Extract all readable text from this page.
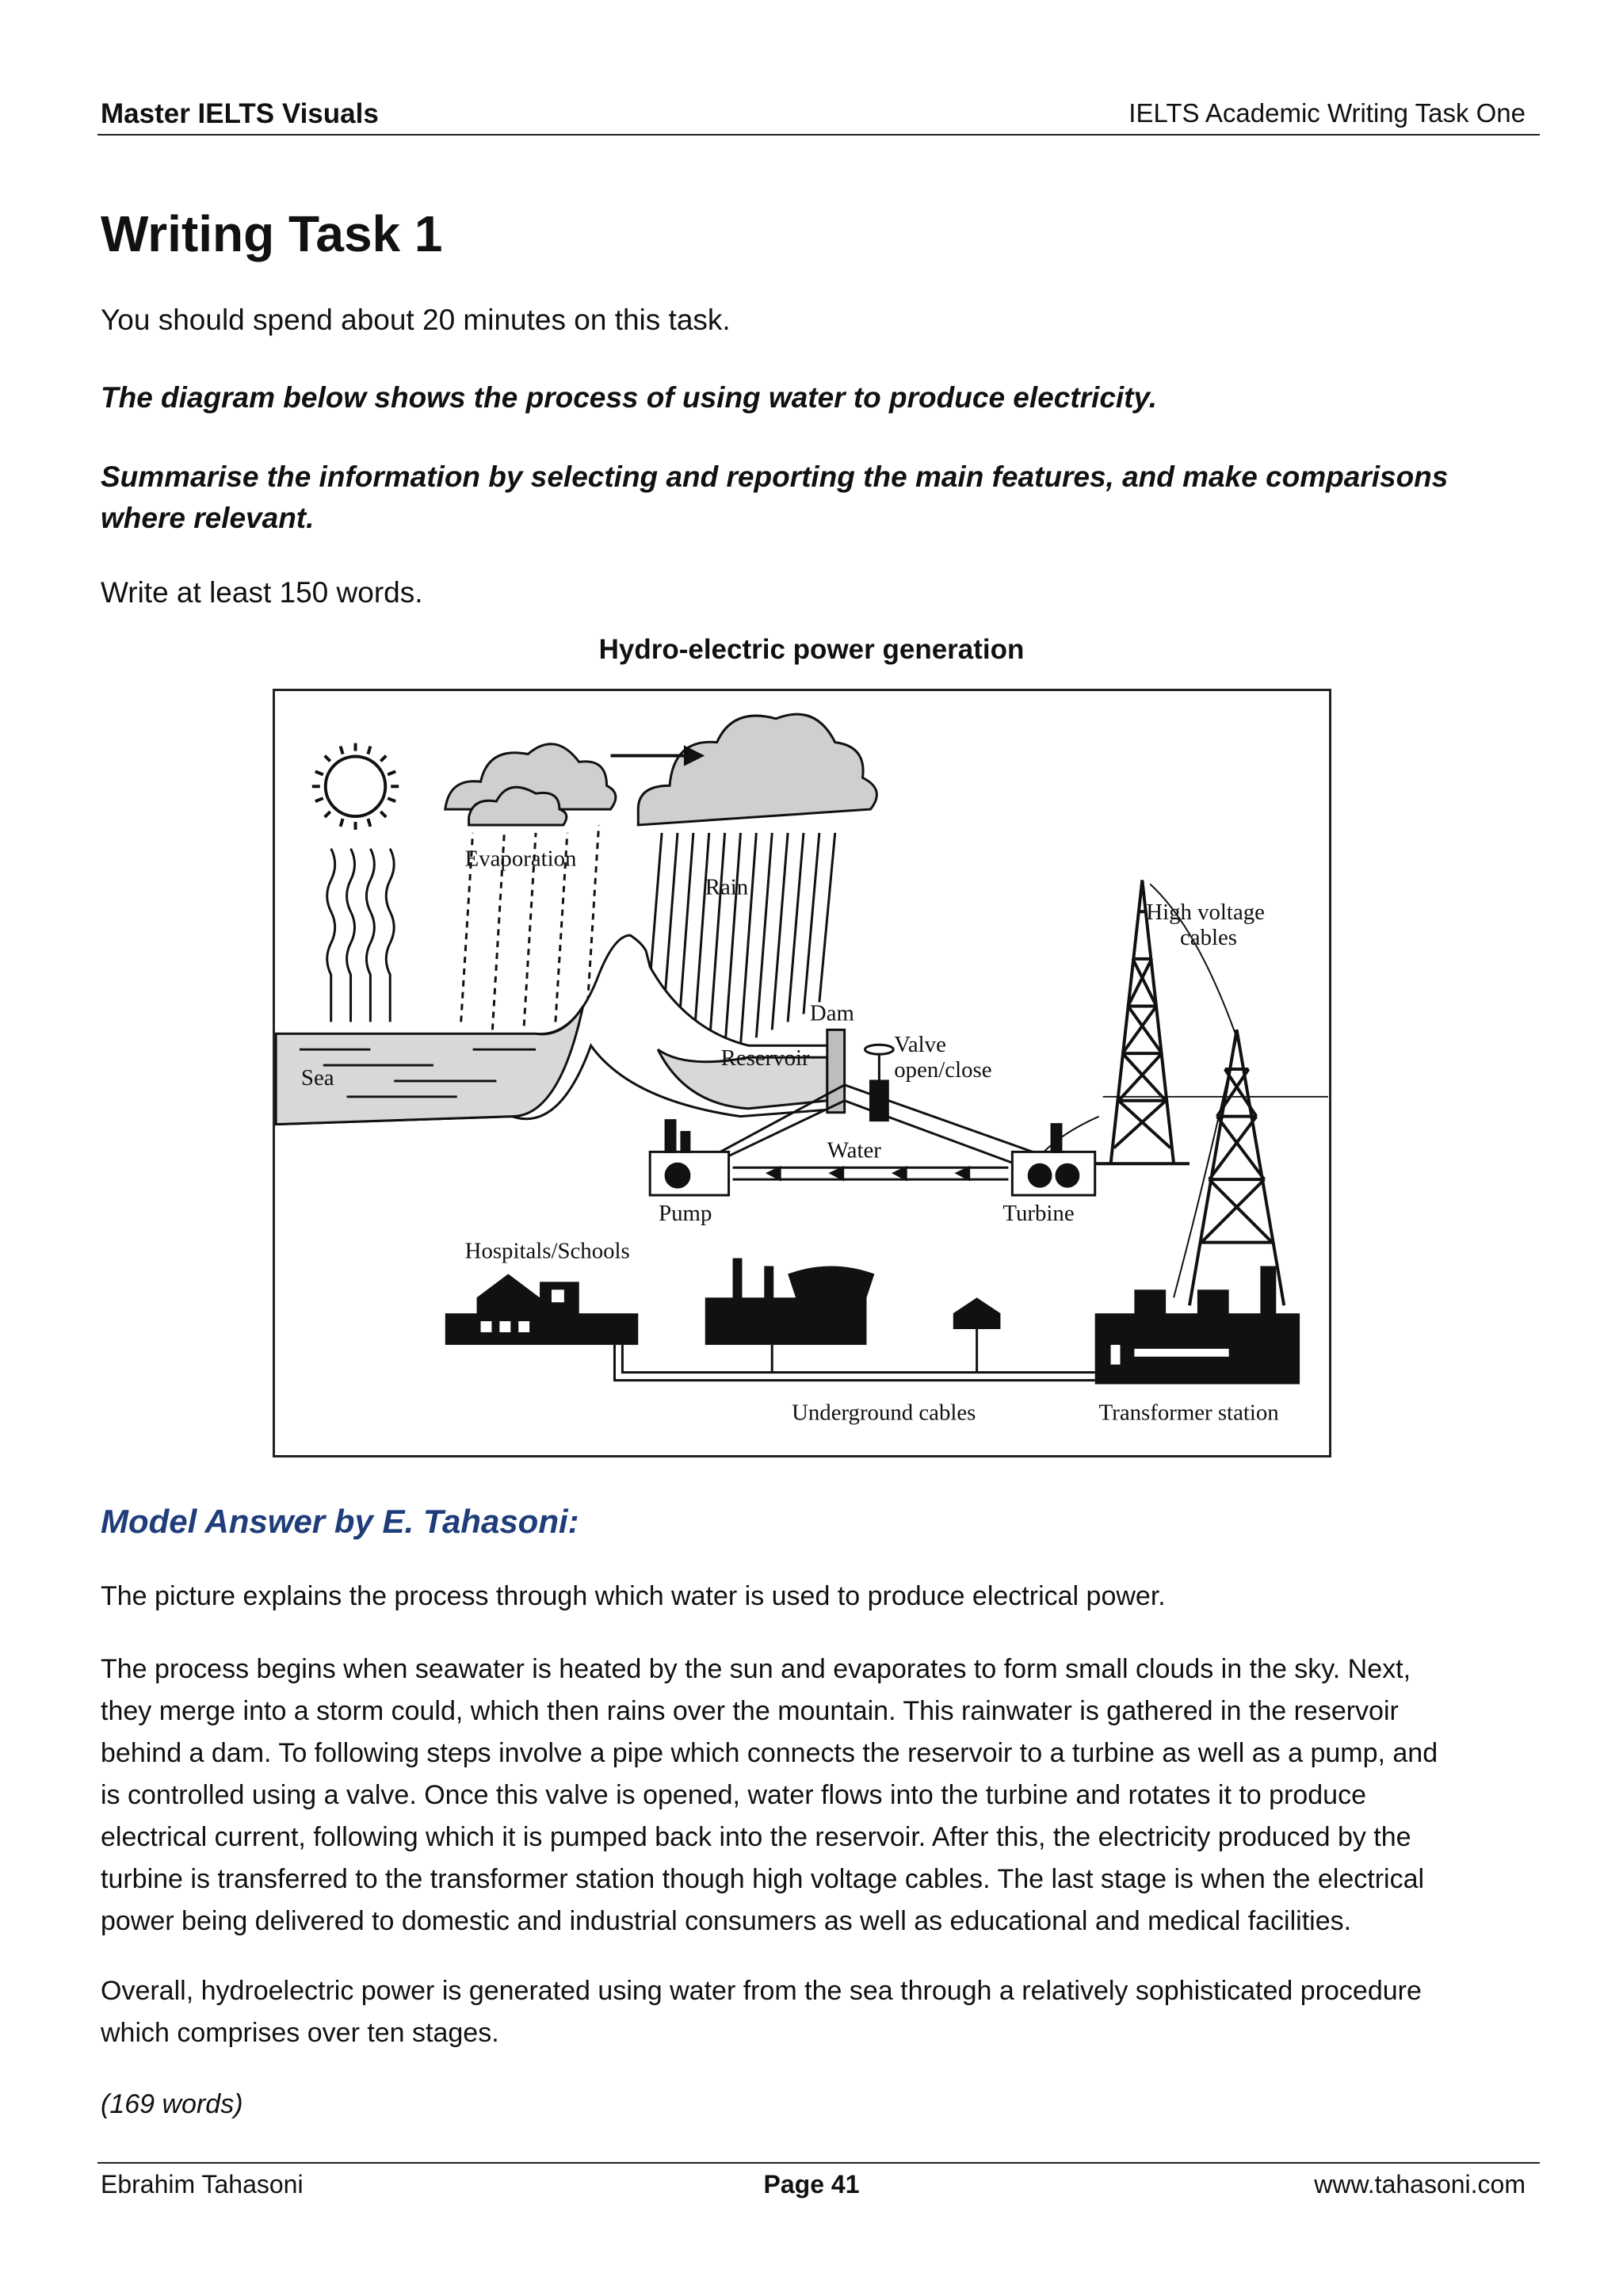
Master IELTS Visuals	IELTS Academic Writing Task One
Writing Task 1
You should spend about 20 minutes on this task.
The diagram below shows the process of using water to produce electricity.
Summarise the information by selecting and reporting the main features, and make comparisons where relevant.
Write at least 150 words.
Hydro-electric power generation
Evaporation
Rain
Sea
Dam
Reservoir
Valve
open/close
High voltage
cables
Water
Pump	Turbine
Hospitals/Schools
Underground cables	Transformer station
Model Answer by E. Tahasoni:
The picture explains the process through which water is used to produce electrical power.
The process begins when seawater is heated by the sun and evaporates to form small clouds in the sky. Next,
they merge into a storm could, which then rains over the mountain. This rainwater is gathered in the reservoir
behind a dam. To following steps involve a pipe which connects the reservoir to a turbine as well as a pump, and
is controlled using a valve. Once this valve is opened, water flows into the turbine and rotates it to produce
electrical current, following which it is pumped back into the reservoir. After this, the electricity produced by the
turbine is transferred to the transformer station though high voltage cables. The last stage is when the electrical
power being delivered to domestic and industrial consumers as well as educational and medical facilities.
Overall, hydroelectric power is generated using water from the sea through a relatively sophisticated procedure
which comprises over ten stages.
(169 words)
Ebrahim Tahasoni	Page 41	www.tahasoni.com
